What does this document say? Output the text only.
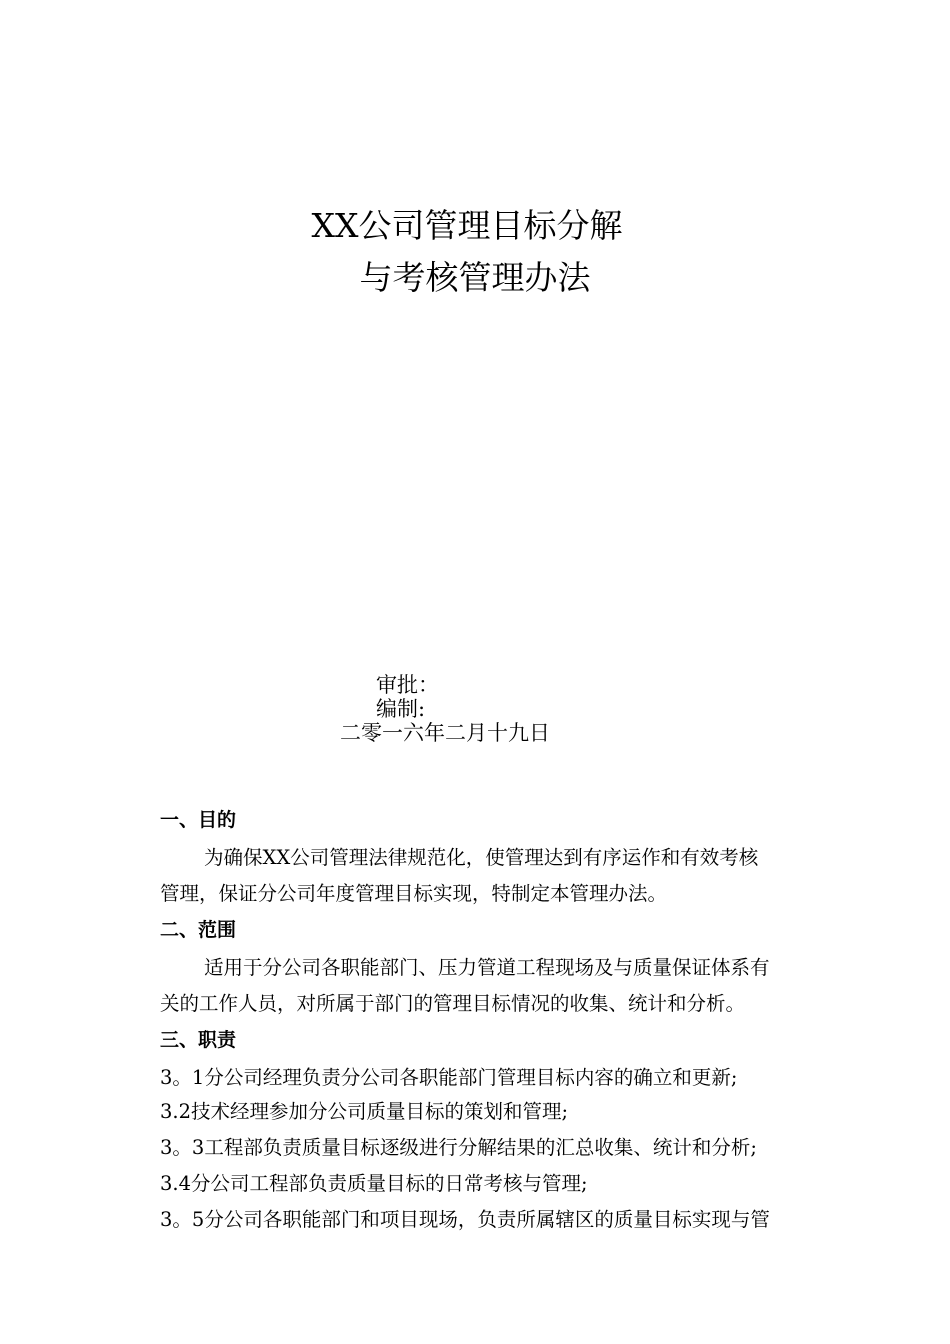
XX公司管理目标分解
与考核管理办法
审批：
编制:
二零一六年二月十九日
一、目的
为确保XX公司管理法律规范化，使管理达到有序运作和有效考核
管理，保证分公司年度管理目标实现，特制定本管理办法。
二、范围
适用于分公司各职能部门、压力管道工程现场及与质量保证体系有
关的工作人员，对所属于部门的管理目标情况的收集、统计和分析。
三、职责
3。1分公司经理负责分公司各职能部门管理目标内容的确立和更新;
3.2技术经理参加分公司质量目标的策划和管理;
3。3工程部负责质量目标逐级进行分解结果的汇总收集、统计和分析;
3.4分公司工程部负责质量目标的日常考核与管理;
3。5分公司各职能部门和项目现场，负责所属辖区的质量目标实现与管
